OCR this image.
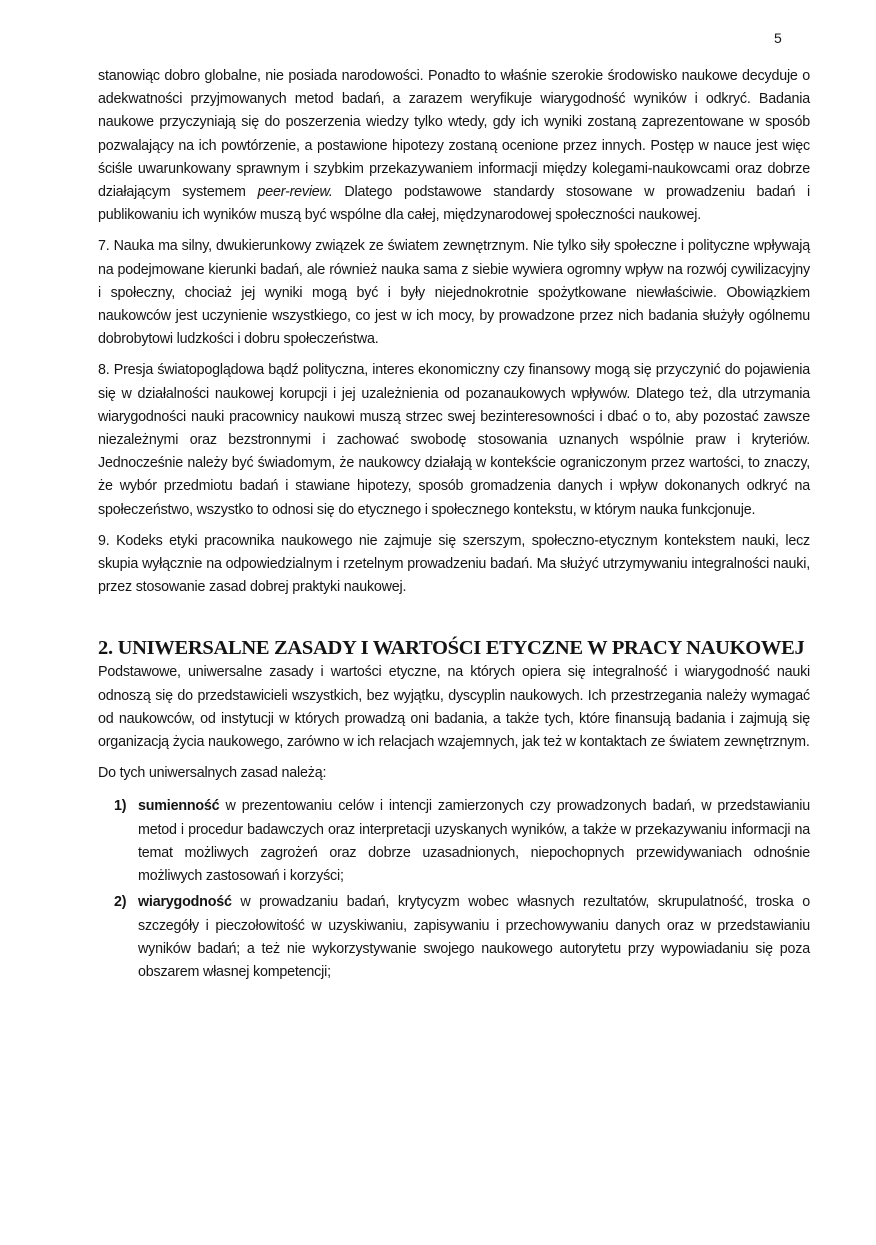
5

stanowiąc dobro globalne, nie posiada narodowości. Ponadto to właśnie szerokie środowisko naukowe decyduje o adekwatności przyjmowanych metod badań, a zarazem weryfikuje wiarygodność wyników i odkryć. Badania naukowe przyczyniają się do poszerzenia wiedzy tylko wtedy, gdy ich wyniki zostaną zaprezentowane w sposób pozwalający na ich powtórzenie, a postawione hipotezy zostaną ocenione przez innych. Postęp w nauce jest więc ściśle uwarunkowany sprawnym i szybkim przekazywaniem informacji między kolegami-naukowcami oraz dobrze działającym systemem peer-review. Dlatego podstawowe standardy stosowane w prowadzeniu badań i publikowaniu ich wyników muszą być wspólne dla całej, międzynarodowej społeczności naukowej.

7. Nauka ma silny, dwukierunkowy związek ze światem zewnętrznym. Nie tylko siły społeczne i polityczne wpływają na podejmowane kierunki badań, ale również nauka sama z siebie wywiera ogromny wpływ na rozwój cywilizacyjny i społeczny, chociaż jej wyniki mogą być i były niejednokrotnie spożytkowane niewłaściwie. Obowiązkiem naukowców jest uczynienie wszystkiego, co jest w ich mocy, by prowadzone przez nich badania służyły ogólnemu dobrobytowi ludzkości i dobru społeczeństwa.

8. Presja światopoglądowa bądź polityczna, interes ekonomiczny czy finansowy mogą się przyczynić do pojawienia się w działalności naukowej korupcji i jej uzależnienia od pozanaukowych wpływów. Dlatego też, dla utrzymania wiarygodności nauki pracownicy naukowi muszą strzec swej bezinteresowności i dbać o to, aby pozostać zawsze niezależnymi oraz bezstronnymi i zachować swobodę stosowania uznanych wspólnie praw i kryteriów. Jednocześnie należy być świadomym, że naukowcy działają w kontekście ograniczonym przez wartości, to znaczy, że wybór przedmiotu badań i stawiane hipotezy, sposób gromadzenia danych i wpływ dokonanych odkryć na społeczeństwo, wszystko to odnosi się do etycznego i społecznego kontekstu, w którym nauka funkcjonuje.

9. Kodeks etyki pracownika naukowego nie zajmuje się szerszym, społeczno-etycznym kontekstem nauki, lecz skupia wyłącznie na odpowiedzialnym i rzetelnym prowadzeniu badań. Ma służyć utrzymywaniu integralności nauki, przez stosowanie zasad dobrej praktyki naukowej.

2. UNIWERSALNE ZASADY I WARTOŚCI ETYCZNE W PRACY NAUKOWEJ

Podstawowe, uniwersalne zasady i wartości etyczne, na których opiera się integralność i wiarygodność nauki odnoszą się do przedstawicieli wszystkich, bez wyjątku, dyscyplin naukowych. Ich przestrzegania należy wymagać od naukowców, od instytucji w których prowadzą oni badania, a także tych, które finansują badania i zajmują się organizacją życia naukowego, zarówno w ich relacjach wzajemnych, jak też w kontaktach ze światem zewnętrznym.

Do tych uniwersalnych zasad należą:

1) sumienność w prezentowaniu celów i intencji zamierzonych czy prowadzonych badań, w przedstawianiu metod i procedur badawczych oraz interpretacji uzyskanych wyników, a także w przekazywaniu informacji na temat możliwych zagrożeń oraz dobrze uzasadnionych, niepochopnych przewidywaniach odnośnie możliwych zastosowań i korzyści;
2) wiarygodność w prowadzaniu badań, krytycyzm wobec własnych rezultatów, skrupulatność, troska o szczegóły i pieczołowitość w uzyskiwaniu, zapisywaniu i przechowywaniu danych oraz w przedstawianiu wyników badań; a też nie wykorzystywanie swojego naukowego autorytetu przy wypowiadaniu się poza obszarem własnej kompetencji;
